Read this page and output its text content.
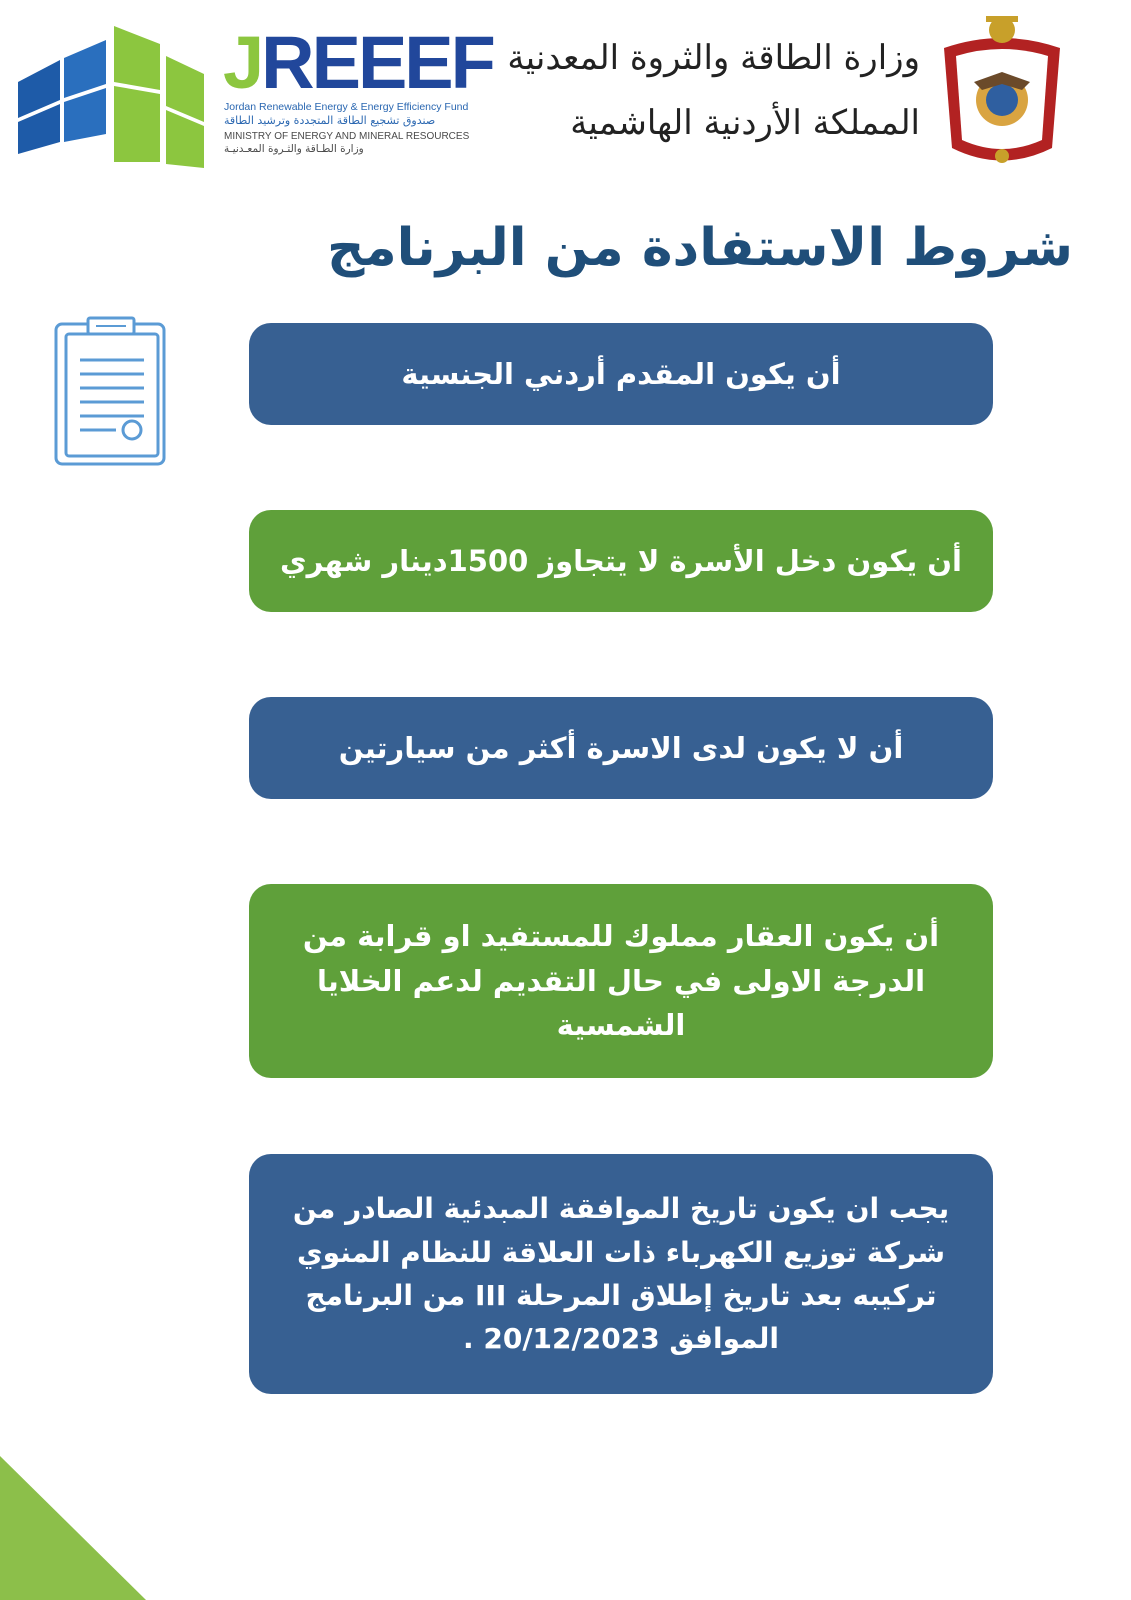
JREEEF
Jordan Renewable Energy & Energy Efficiency Fund
صندوق تشجيع الطاقة المتجددة وترشيد الطاقة
MINISTRY OF ENERGY AND MINERAL RESOURCES
وزارة الطـاقة والثـروة المعـدنيـة
وزارة الطاقة والثروة المعدنية
المملكة الأردنية الهاشمية
شروط الاستفادة من البرنامج
أن يكون المقدم أردني الجنسية
أن يكون دخل الأسرة لا يتجاوز 1500دينار شهري
أن لا يكون لدى الاسرة أكثر من سيارتين
أن يكون العقار مملوك للمستفيد او قرابة من الدرجة الاولى في حال التقديم لدعم الخلايا الشمسية
يجب ان يكون تاريخ الموافقة المبدئية الصادر من شركة توزيع الكهرباء ذات العلاقة للنظام المنوي تركيبه بعد تاريخ إطلاق المرحلة III من البرنامج الموافق 20/12/2023 .
